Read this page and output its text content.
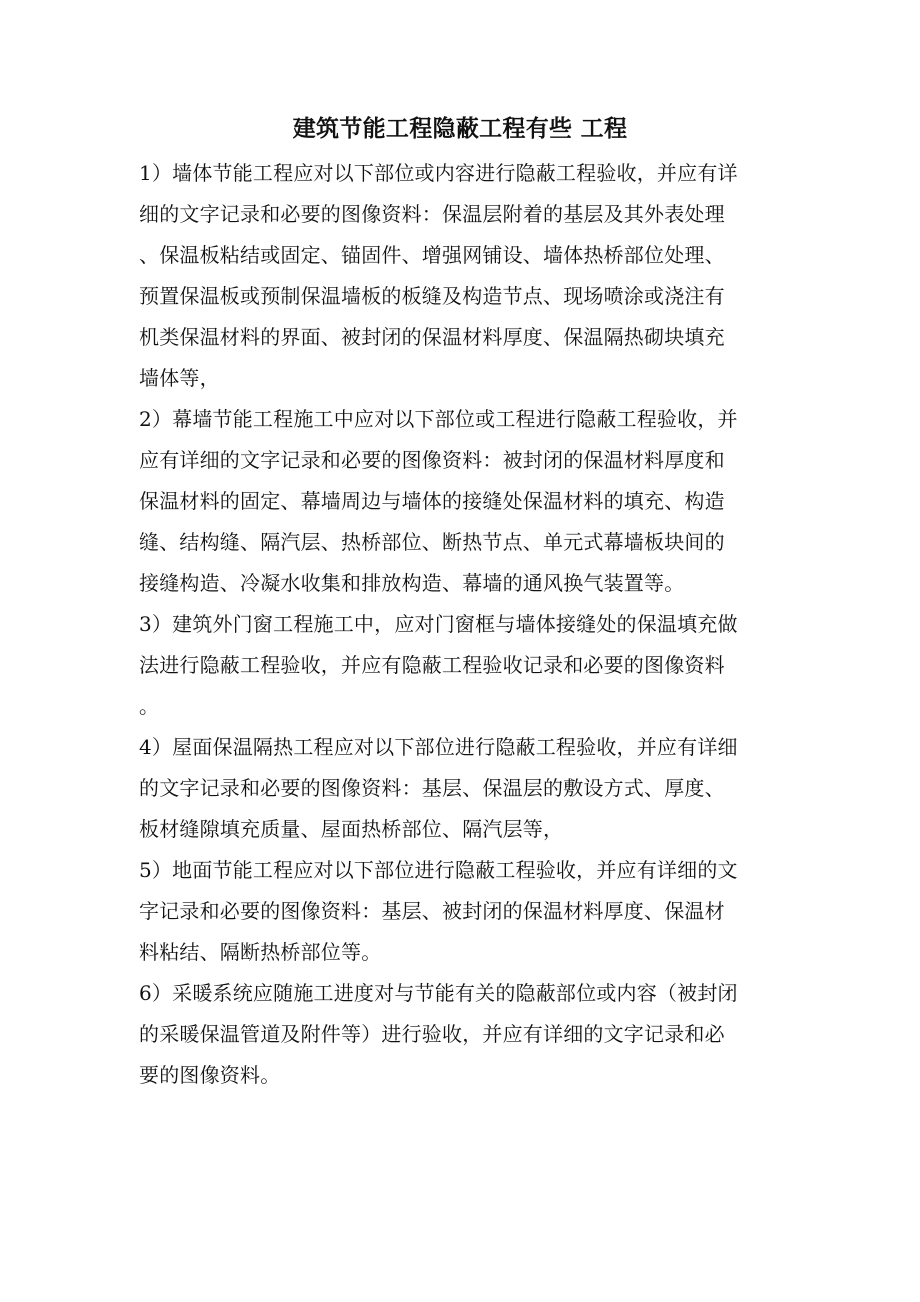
建筑节能工程隐蔽工程有些 工程
1）墙体节能工程应对以下部位或内容进行隐蔽工程验收，并应有详
细的文字记录和必要的图像资料：保温层附着的基层及其外表处理
、保温板粘结或固定、锚固件、增强网铺设、墙体热桥部位处理、
预置保温板或预制保温墙板的板缝及构造节点、现场喷涂或浇注有
机类保温材料的界面、被封闭的保温材料厚度、保温隔热砌块填充
墙体等，
2）幕墙节能工程施工中应对以下部位或工程进行隐蔽工程验收，并
应有详细的文字记录和必要的图像资料：被封闭的保温材料厚度和
保温材料的固定、幕墙周边与墙体的接缝处保温材料的填充、构造
缝、结构缝、隔汽层、热桥部位、断热节点、单元式幕墙板块间的
接缝构造、冷凝水收集和排放构造、幕墙的通风换气装置等。
3）建筑外门窗工程施工中，应对门窗框与墙体接缝处的保温填充做
法进行隐蔽工程验收，并应有隐蔽工程验收记录和必要的图像资料
。
4）屋面保温隔热工程应对以下部位进行隐蔽工程验收，并应有详细
的文字记录和必要的图像资料：基层、保温层的敷设方式、厚度、
板材缝隙填充质量、屋面热桥部位、隔汽层等，
5）地面节能工程应对以下部位进行隐蔽工程验收，并应有详细的文
字记录和必要的图像资料：基层、被封闭的保温材料厚度、保温材
料粘结、隔断热桥部位等。
6）采暖系统应随施工进度对与节能有关的隐蔽部位或内容（被封闭
的采暖保温管道及附件等）进行验收，并应有详细的文字记录和必
要的图像资料。
